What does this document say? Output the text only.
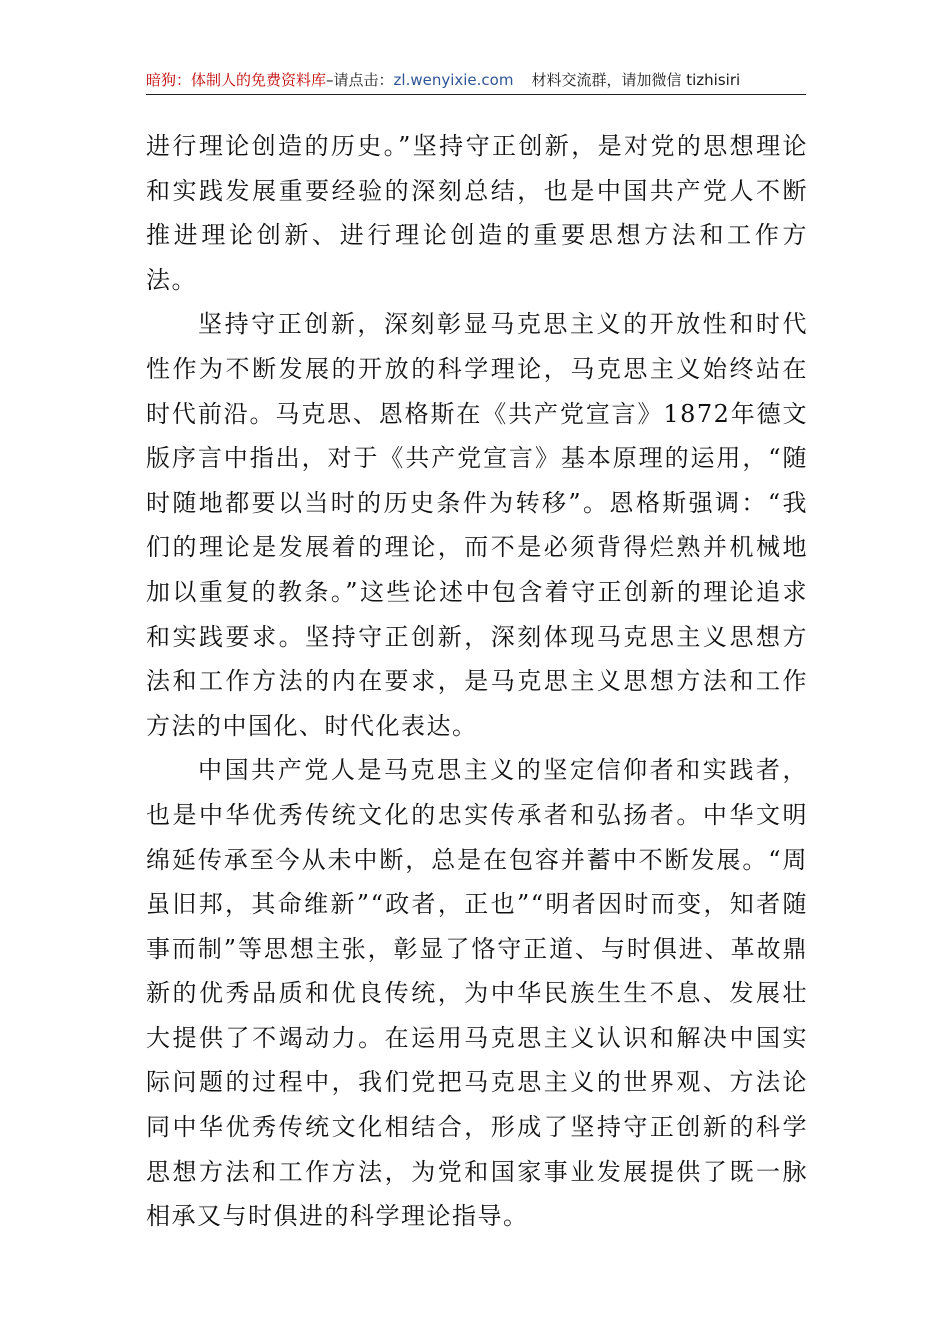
暗狗：体制人的免费资料库–请点击：zl.wenyixie.com 材料交流群，请加微信 tizhisiri

进行理论创造的历史。”坚持守正创新，是对党的思想理论和实践发展重要经验的深刻总结，也是中国共产党人不断推进理论创新、进行理论创造的重要思想方法和工作方法。

坚持守正创新，深刻彰显马克思主义的开放性和时代性作为不断发展的开放的科学理论，马克思主义始终站在时代前沿。马克思、恩格斯在《共产党宣言》1872年德文版序言中指出，对于《共产党宣言》基本原理的运用，“随时随地都要以当时的历史条件为转移”。恩格斯强调：“我们的理论是发展着的理论，而不是必须背得烂熟并机械地加以重复的教条。”这些论述中包含着守正创新的理论追求和实践要求。坚持守正创新，深刻体现马克思主义思想方法和工作方法的内在要求，是马克思主义思想方法和工作方法的中国化、时代化表达。

中国共产党人是马克思主义的坚定信仰者和实践者，也是中华优秀传统文化的忠实传承者和弘扬者。中华文明绵延传承至今从未中断，总是在包容并蓄中不断发展。“周虽旧邦，其命维新”“政者，正也”“明者因时而变，知者随事而制”等思想主张，彰显了恪守正道、与时俱进、革故鼎新的优秀品质和优良传统，为中华民族生生不息、发展壮大提供了不竭动力。在运用马克思主义认识和解决中国实际问题的过程中，我们党把马克思主义的世界观、方法论同中华优秀传统文化相结合，形成了坚持守正创新的科学思想方法和工作方法，为党和国家事业发展提供了既一脉相承又与时俱进的科学理论指导。
